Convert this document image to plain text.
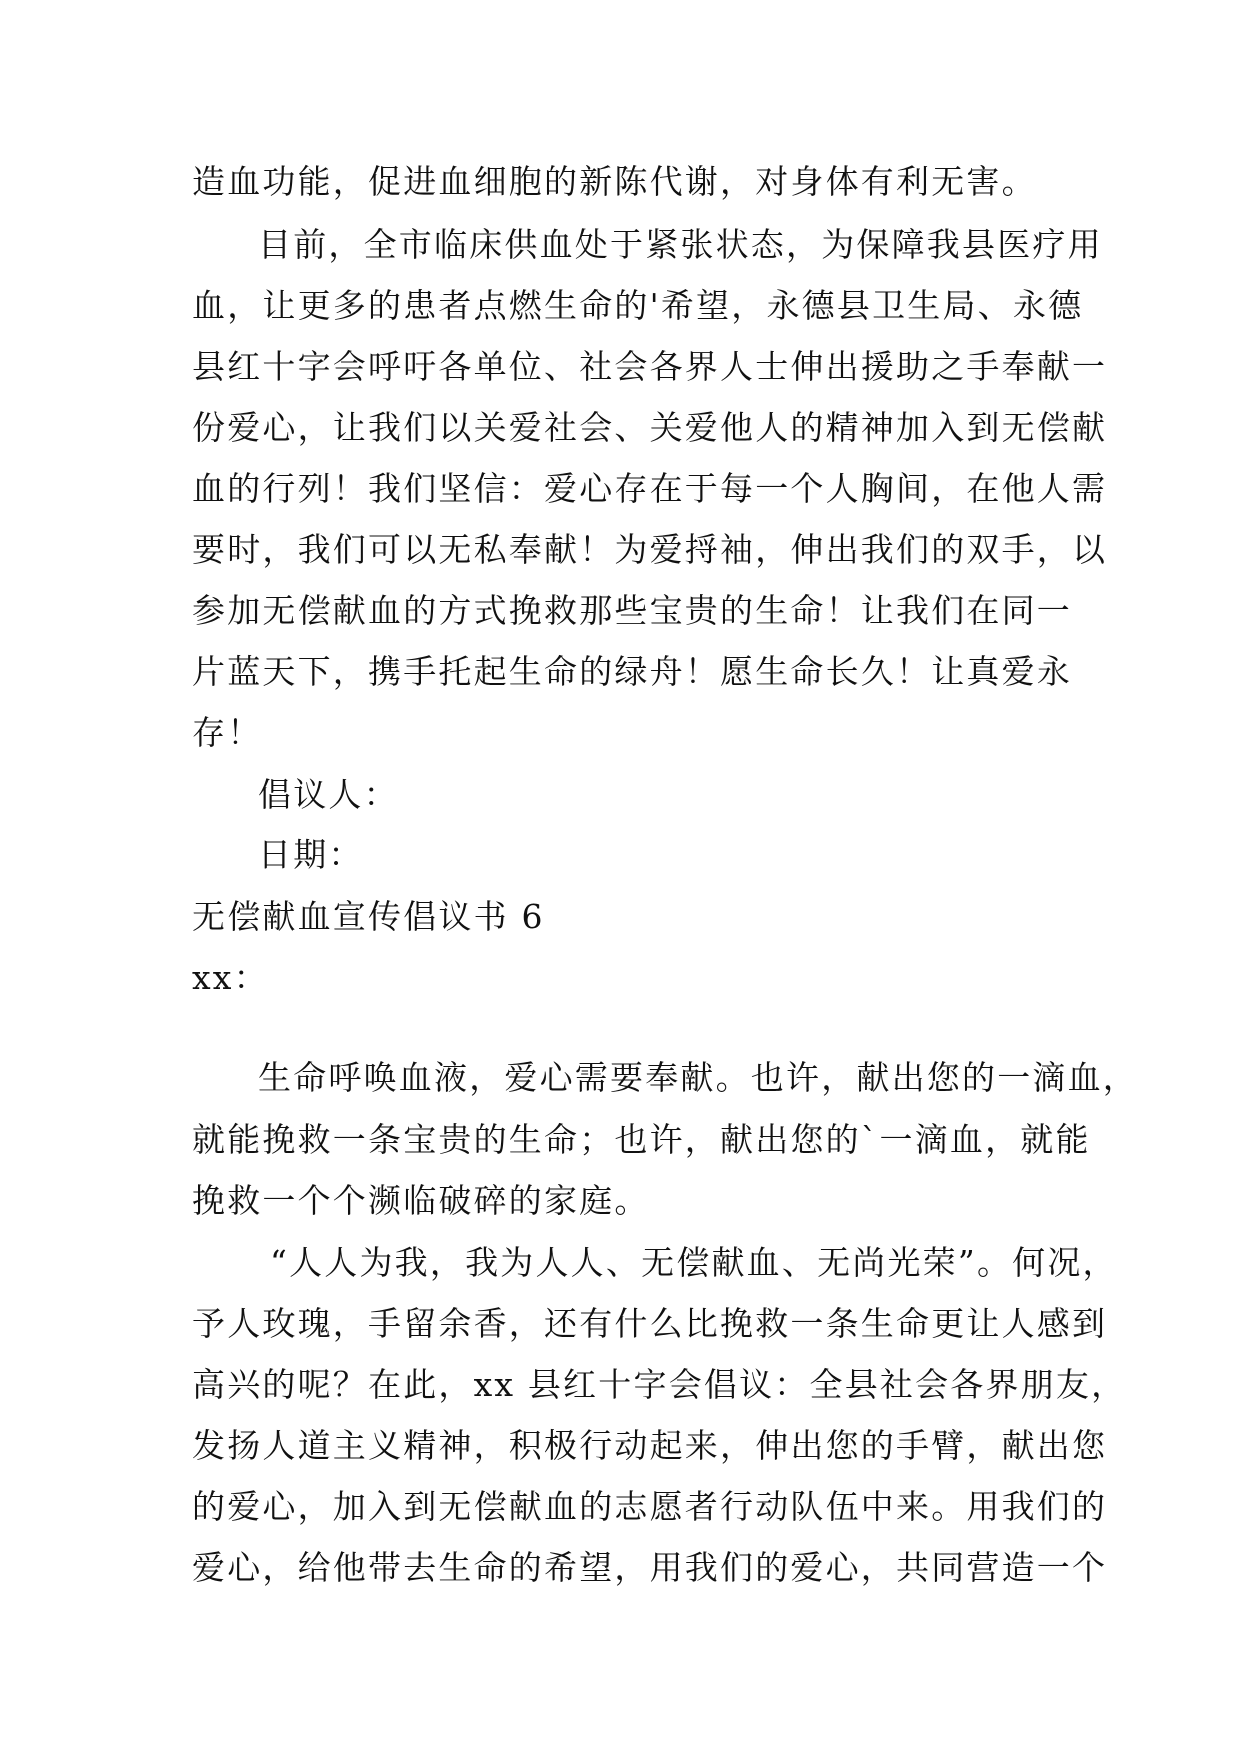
造血功能，促进血细胞的新陈代谢，对身体有利无害。
目前，全市临床供血处于紧张状态，为保障我县医疗用
血，让更多的患者点燃生命的'希望，永德县卫生局、永德
县红十字会呼吁各单位、社会各界人士伸出援助之手奉献一
份爱心，让我们以关爱社会、关爱他人的精神加入到无偿献
血的行列！我们坚信：爱心存在于每一个人胸间，在他人需
要时，我们可以无私奉献！为爱捋袖，伸出我们的双手，以
参加无偿献血的方式挽救那些宝贵的生命！让我们在同一
片蓝天下，携手托起生命的绿舟！愿生命长久！让真爱永
存！
倡议人：
日期：
无偿献血宣传倡议书 6
xx：
生命呼唤血液，爱心需要奉献。也许，献出您的一滴血，
就能挽救一条宝贵的生命；也许，献出您的`一滴血，就能
挽救一个个濒临破碎的家庭。
“人人为我，我为人人、无偿献血、无尚光荣”。何况，
予人玫瑰，手留余香，还有什么比挽救一条生命更让人感到
高兴的呢？在此，xx 县红十字会倡议：全县社会各界朋友，
发扬人道主义精神，积极行动起来，伸出您的手臂，献出您
的爱心，加入到无偿献血的志愿者行动队伍中来。用我们的
爱心，给他带去生命的希望，用我们的爱心，共同营造一个
